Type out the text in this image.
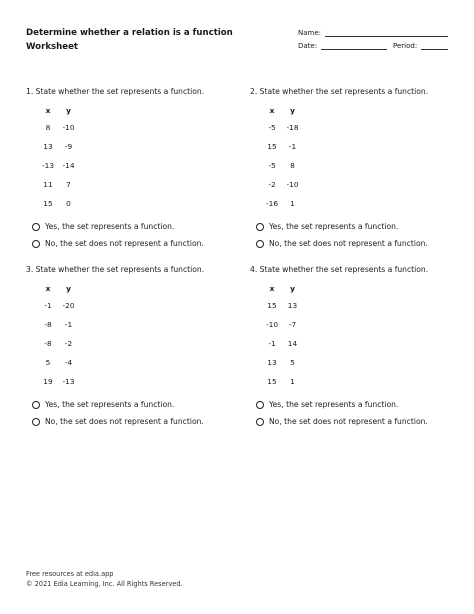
Determine whether a relation is a function
Worksheet
Name:
Date:	Period:
1. State whether the set represents a function.
x	y
8	-10
13	-9
-13	-14
11	7
15	0
Yes, the set represents a function.
No, the set does not represent a function.
2. State whether the set represents a function.
x	y
-5	-18
15	-1
-5	8
-2	-10
-16	1
Yes, the set represents a function.
No, the set does not represent a function.
3. State whether the set represents a function.
x	y
-1	-20
-8	-1
-8	-2
5	-4
19	-13
Yes, the set represents a function.
No, the set does not represent a function.
4. State whether the set represents a function.
x	y
15	13
-10	-7
-1	14
13	5
15	1
Yes, the set represents a function.
No, the set does not represent a function.
Free resources at edia.app
© 2021 Edia Learning, Inc. All Rights Reserved.
